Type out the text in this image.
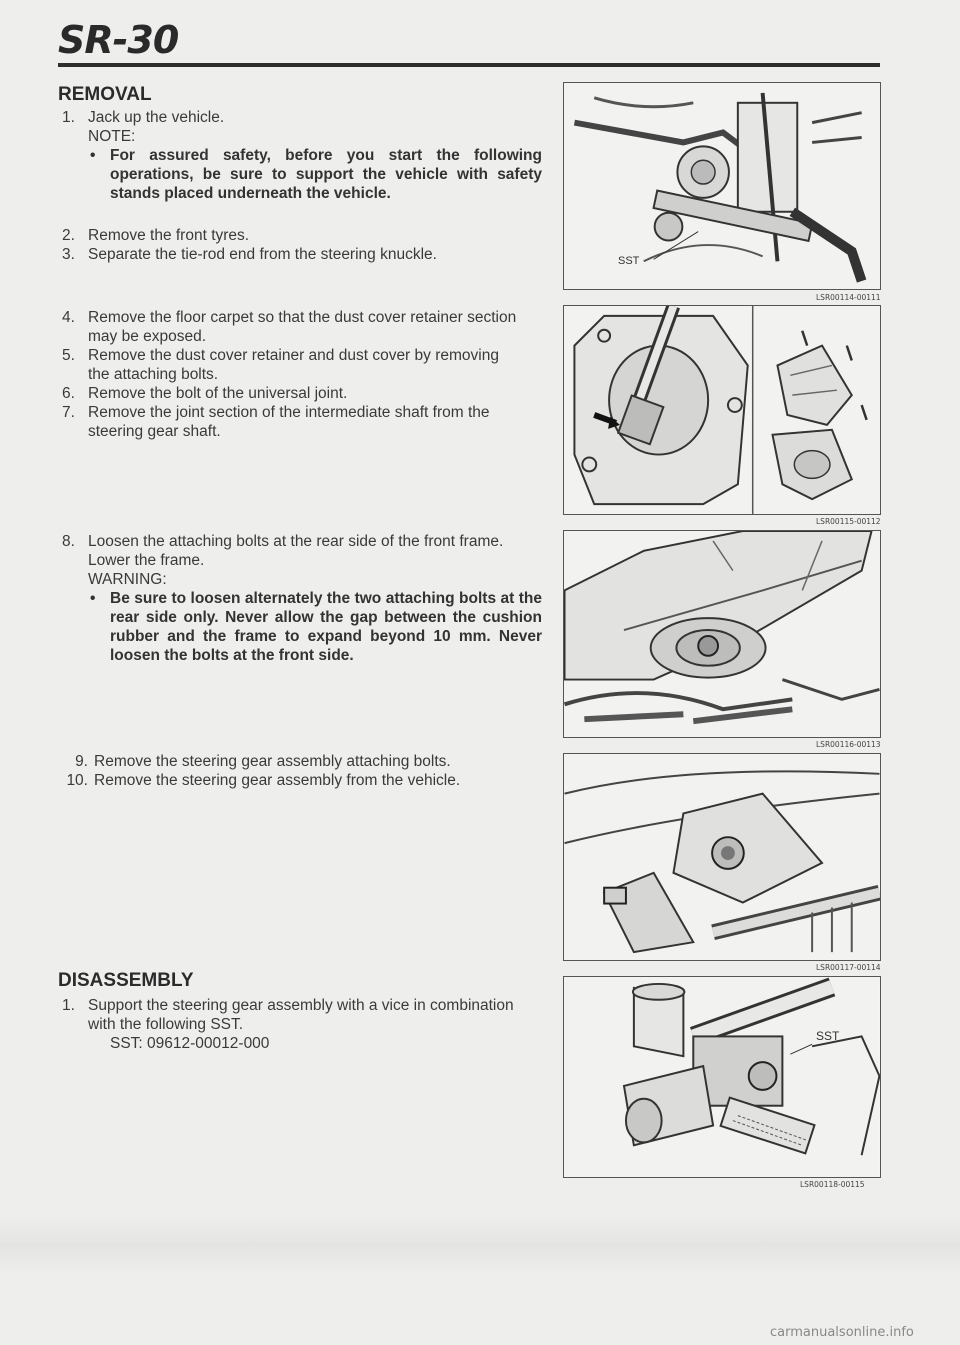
SR-30
REMOVAL
1. Jack up the vehicle.
NOTE:
• For assured safety, before you start the following operations, be sure to support the vehicle with safety stands placed underneath the vehicle.
2. Remove the front tyres.
3. Separate the tie-rod end from the steering knuckle.
4. Remove the floor carpet so that the dust cover retainer section may be exposed.
5. Remove the dust cover retainer and dust cover by removing the attaching bolts.
6. Remove the bolt of the universal joint.
7. Remove the joint section of the intermediate shaft from the steering gear shaft.
8. Loosen the attaching bolts at the rear side of the front frame. Lower the frame.
WARNING:
• Be sure to loosen alternately the two attaching bolts at the rear side only. Never allow the gap between the cushion rubber and the frame to expand beyond 10 mm. Never loosen the bolts at the front side.
9. Remove the steering gear assembly attaching bolts.
10. Remove the steering gear assembly from the vehicle.
DISASSEMBLY
1. Support the steering gear assembly with a vice in combination with the following SST.
SST: 09612-00012-000
SST
LSR00114-00111
LSR00115-00112
LSR00116-00113
LSR00117-00114
SST
LSR00118-00115
carmanualsonline.info
